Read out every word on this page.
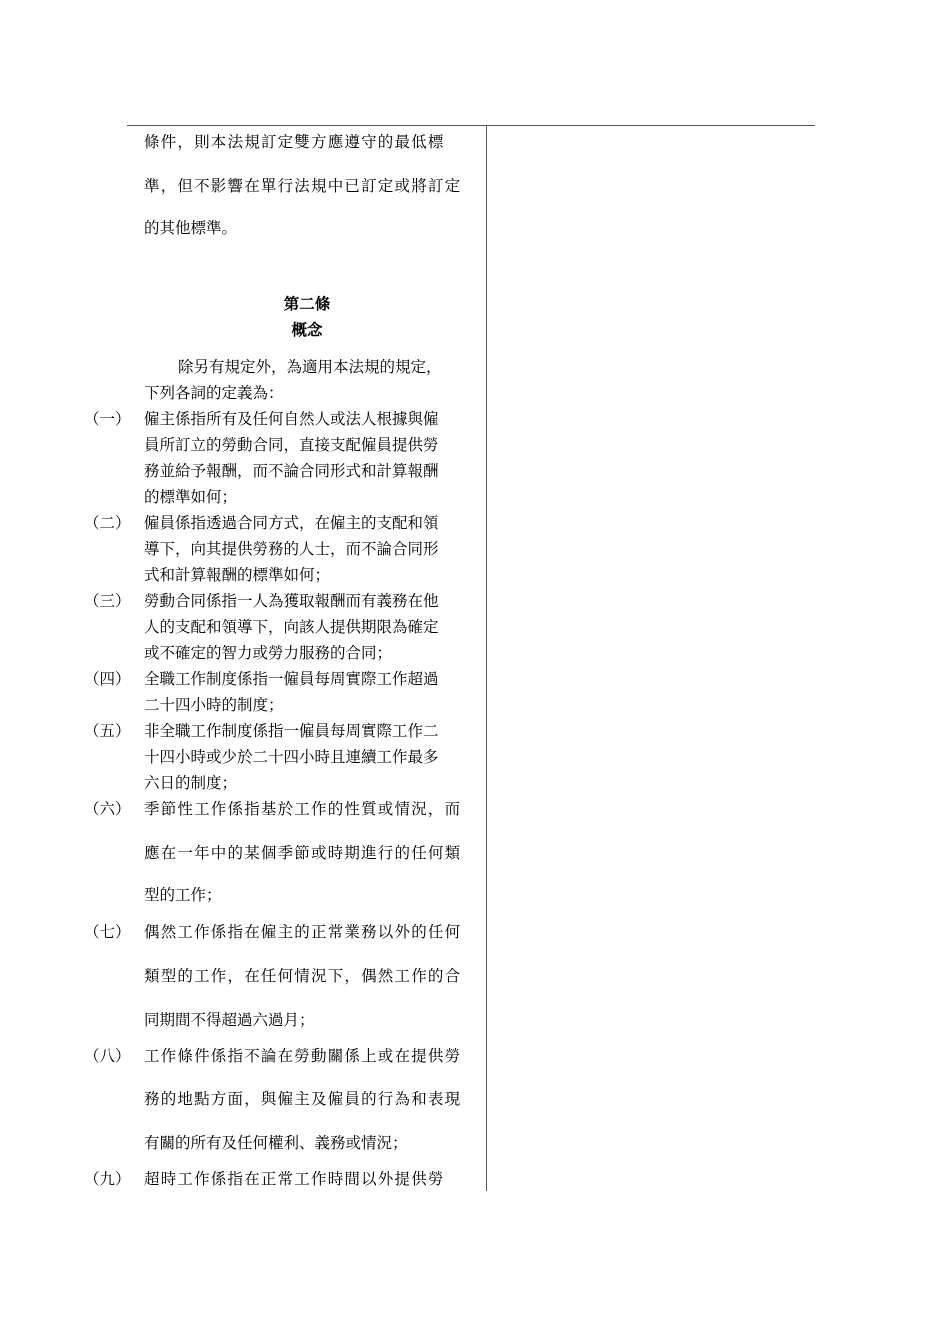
條件，則本法規訂定雙方應遵守的最低標
準，但不影響在單行法規中已訂定或將訂定
的其他標準。
第二條
概念
除另有規定外，為適用本法規的規定，
下列各詞的定義為：
（一） 僱主係指所有及任何自然人或法人根據與僱
員所訂立的勞動合同，直接支配僱員提供勞
務並給予報酬，而不論合同形式和計算報酬
的標準如何；
（二） 僱員係指透過合同方式，在僱主的支配和領
導下，向其提供勞務的人士，而不論合同形
式和計算報酬的標準如何；
（三） 勞動合同係指一人為獲取報酬而有義務在他
人的支配和領導下，向該人提供期限為確定
或不確定的智力或勞力服務的合同；
（四） 全職工作制度係指一僱員每周實際工作超過
二十四小時的制度；
（五） 非全職工作制度係指一僱員每周實際工作二
十四小時或少於二十四小時且連續工作最多
六日的制度；
（六） 季節性工作係指基於工作的性質或情況，而
應在一年中的某個季節或時期進行的任何類
型的工作；
（七） 偶然工作係指在僱主的正常業務以外的任何
類型的工作，在任何情況下，偶然工作的合
同期間不得超過六過月；
（八） 工作條件係指不論在勞動關係上或在提供勞
務的地點方面，與僱主及僱員的行為和表現
有關的所有及任何權利、義務或情況；
（九） 超時工作係指在正常工作時間以外提供勞
